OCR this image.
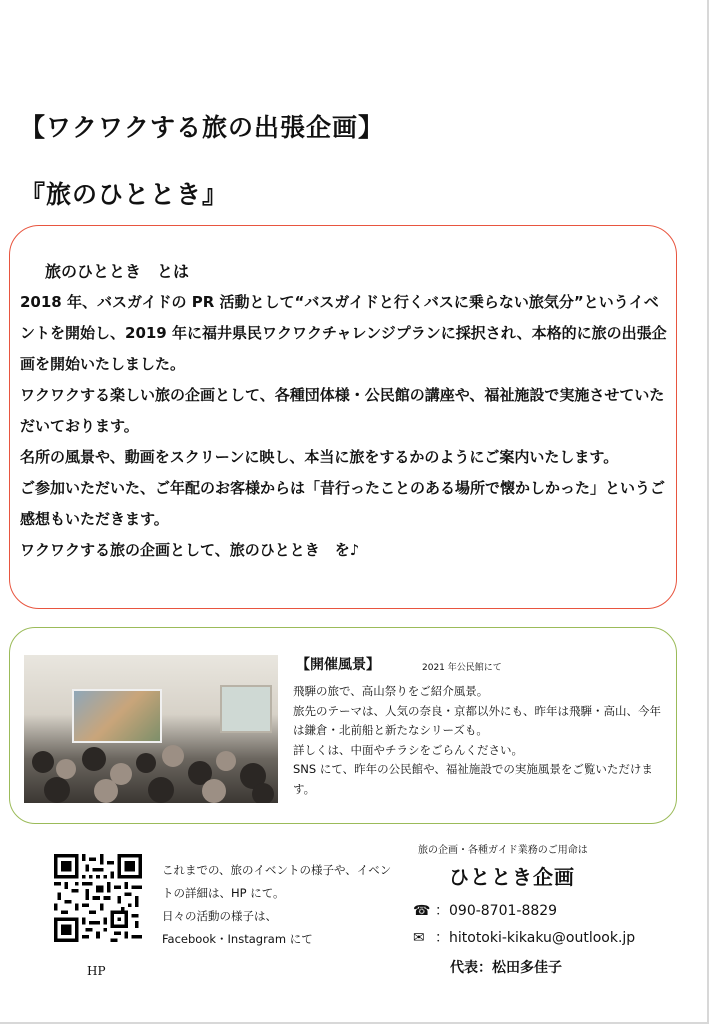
【ワクワクする旅の出張企画】
『旅のひととき』
旅のひととき　とは

2018 年、バスガイドの PR 活動として“バスガイドと行くバスに乗らない旅気分”というイベントを開始し、2019 年に福井県民ワクワクチャレンジプランに採択され、本格的に旅の出張企画を開始いたしました。

ワクワクする楽しい旅の企画として、各種団体様・公民館の講座や、福祉施設で実施させていただいております。

名所の風景や、動画をスクリーンに映し、本当に旅をするかのようにご案内いたします。

ご参加いただいた、ご年配のお客様からは「昔行ったことのある場所で懐かしかった」というご感想もいただきます。

ワクワクする旅の企画として、旅のひととき　を♪

【開催風景】	2021 年公民館にて

飛騨の旅で、高山祭りをご紹介風景。

旅先のテーマは、人気の奈良・京都以外にも、昨年は飛騨・高山、今年は鎌倉・北前船と新たなシリーズも。

詳しくは、中面やチラシをごらんください。

SNS にて、昨年の公民館や、福祉施設での実施風景をご覧いただけます。

HP

これまでの、旅のイベントの様子や、イベントの詳細は、HP にて。

日々の活動の様子は、

Facebook・Instagram にて

旅の企画・各種ガイド業務のご用命は
ひととき企画
☎ ：090-8701-8829
✉ ：hitotoki-kikaku@outlook.jp
代表：松田多佳子
